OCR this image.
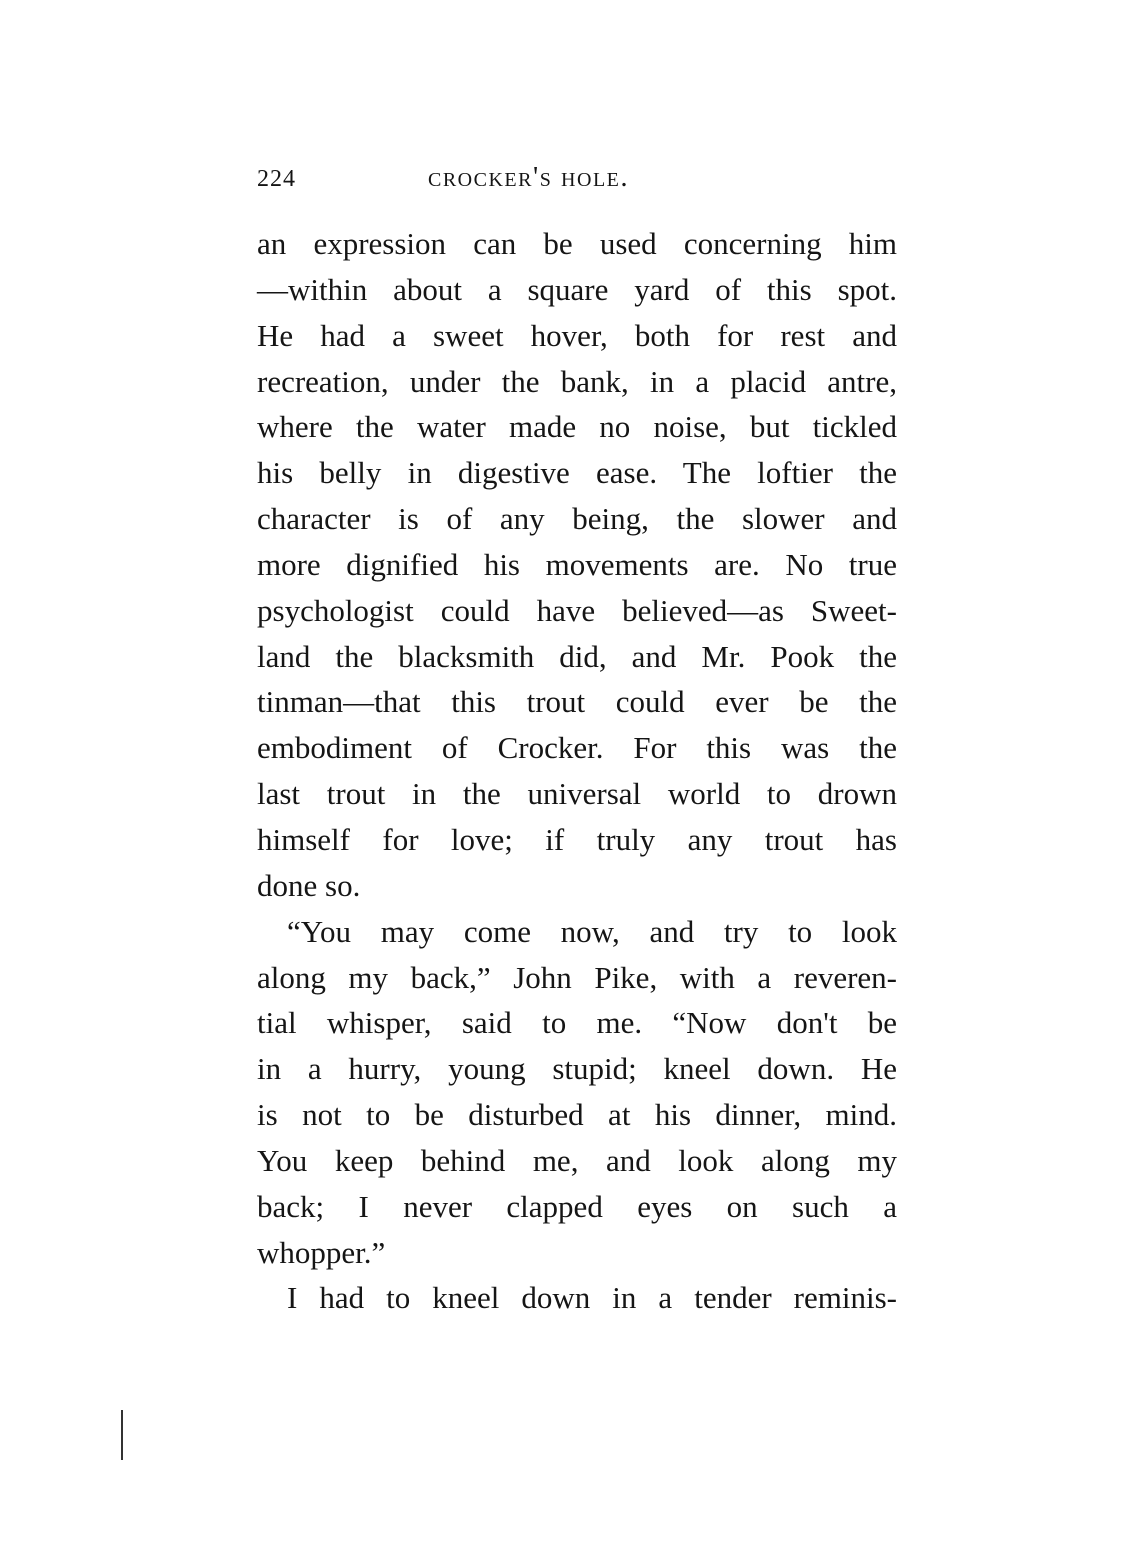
224	crocker's hole.
an expression can be used concerning him
—within about a square yard of this spot.
He had a sweet hover, both for rest and
recreation, under the bank, in a placid antre,
where the water made no noise, but tickled
his belly in digestive ease. The loftier the
character is of any being, the slower and
more dignified his movements are. No true
psychologist could have believed—as Sweet-
land the blacksmith did, and Mr. Pook the
tinman—that this trout could ever be the
embodiment of Crocker. For this was the
last trout in the universal world to drown
himself for love; if truly any trout has
done so.
“You may come now, and try to look
along my back,” John Pike, with a reveren-
tial whisper, said to me. “Now don't be
in a hurry, young stupid; kneel down. He
is not to be disturbed at his dinner, mind.
You keep behind me, and look along my
back; I never clapped eyes on such a
whopper.”
I had to kneel down in a tender reminis-
